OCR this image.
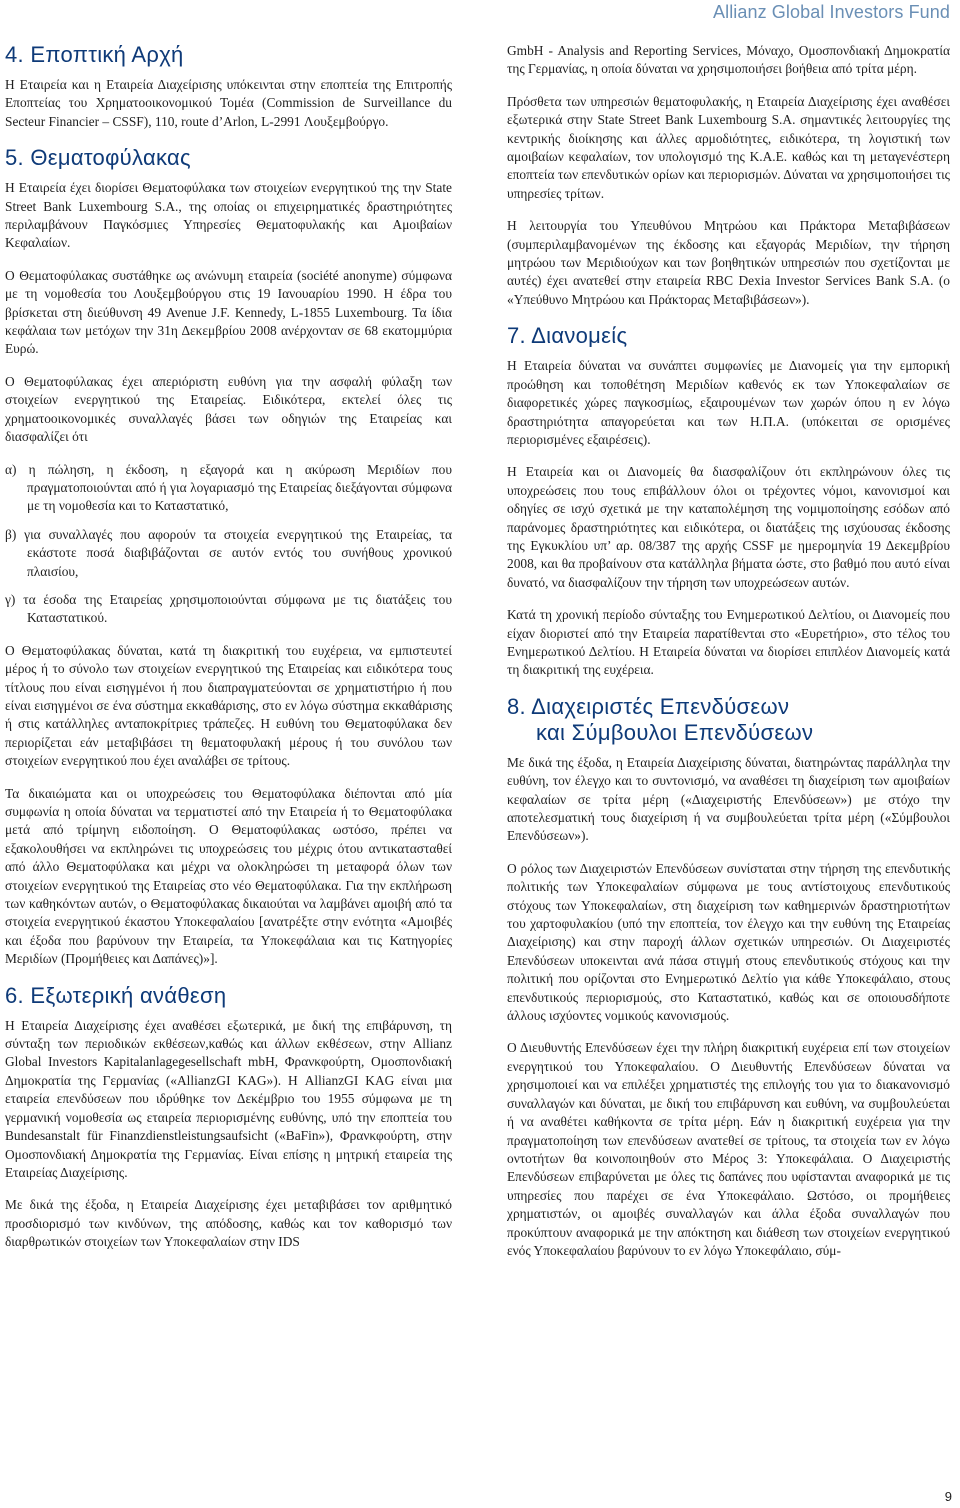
Allianz Global Investors Fund
4. Εποπτική Αρχή

Η Εταιρεία και η Εταιρεία Διαχείρισης υπόκεινται στην εποπτεία της Επιτροπής Εποπτείας του Χρηματοοικονομικού Τομέα (Commission de Surveillance du Secteur Financier – CSSF), 110, route d’Arlon, L-2991 Λουξεμβούργο.

5. Θεματοφύλακας

Η Εταιρεία έχει διορίσει Θεματοφύλακα των στοιχείων ενεργητικού της την State Street Bank Luxembourg S.A., της οποίας οι επιχειρηματικές δραστηριότητες περιλαμβάνουν Παγκόσμιες Υπηρεσίες Θεματοφυλακής και Αμοιβαίων Κεφαλαίων.

Ο Θεματοφύλακας συστάθηκε ως ανώνυμη εταιρεία (société anonyme) σύμφωνα με τη νομοθεσία του Λουξεμβούργου στις 19 Ιανουαρίου 1990. Η έδρα του βρίσκεται στη διεύθυνση 49 Avenue J.F. Kennedy, L-1855 Luxembourg. Τα ίδια κεφάλαια των μετόχων την 31η Δεκεμβρίου 2008 ανέρχονταν σε 68 εκατομμύρια Ευρώ.

Ο Θεματοφύλακας έχει απεριόριστη ευθύνη για την ασφαλή φύλαξη των στοιχείων ενεργητικού της Εταιρείας. Ειδικότερα, εκτελεί όλες τις χρηματοοικονομικές συναλλαγές βάσει των οδηγιών της Εταιρείας και διασφαλίζει ότι

α) η πώληση, η έκδοση, η εξαγορά και η ακύρωση Μεριδίων που πραγματοποιούνται από ή για λογαριασμό της Εταιρείας διεξάγονται σύμφωνα με τη νομοθεσία και το Καταστατικό,
β) για συναλλαγές που αφορούν τα στοιχεία ενεργητικού της Εταιρείας, τα εκάστοτε ποσά διαβιβάζονται σε αυτόν εντός του συνήθους χρονικού πλαισίου,
γ) τα έσοδα της Εταιρείας χρησιμοποιούνται σύμφωνα με τις διατάξεις του Καταστατικού.

Ο Θεματοφύλακας δύναται, κατά τη διακριτική του ευχέρεια, να εμπιστευτεί μέρος ή το σύνολο των στοιχείων ενεργητικού της Εταιρείας και ειδικότερα τους τίτλους που είναι εισηγμένοι ή που διαπραγματεύονται σε χρηματιστήριο ή που είναι εισηγμένοι σε ένα σύστημα εκκαθάρισης, στο εν λόγω σύστημα εκκαθάρισης ή στις κατάλληλες ανταποκρίτριες τράπεζες. Η ευθύνη του Θεματοφύλακα δεν περιορίζεται εάν μεταβιβάσει τη θεματοφυλακή μέρους ή του συνόλου των στοιχείων ενεργητικού που έχει αναλάβει σε τρίτους.

Τα δικαιώματα και οι υποχρεώσεις του Θεματοφύλακα διέπονται από μία συμφωνία η οποία δύναται να τερματιστεί από την Εταιρεία ή το Θεματοφύλακα μετά από τρίμηνη ειδοποίηση. Ο Θεματοφύλακας ωστόσο, πρέπει να εξακολουθήσει να εκπληρώνει τις υποχρεώσεις του μέχρις ότου αντικατασταθεί από άλλο Θεματοφύλακα και μέχρι να ολοκληρώσει τη μεταφορά όλων των στοιχείων ενεργητικού της Εταιρείας στο νέο Θεματοφύλακα. Για την εκπλήρωση των καθηκόντων αυτών, ο Θεματοφύλακας δικαιούται να λαμβάνει αμοιβή από τα στοιχεία ενεργητικού έκαστου Υποκεφαλαίου [ανατρέξτε στην ενότητα «Αμοιβές και έξοδα που βαρύνουν την Εταιρεία, τα Υποκεφάλαια και τις Κατηγορίες Μεριδίων (Προμήθειες και Δαπάνες)»].

6. Εξωτερική ανάθεση

Η Εταιρεία Διαχείρισης έχει αναθέσει εξωτερικά, με δική της επιβάρυνση, τη σύνταξη των περιοδικών εκθέσεων,καθώς και άλλων εκθέσεων, στην Allianz Global Investors Kapitalanlagegesellschaft mbH, Φρανκφούρτη, Ομοσπονδιακή Δημοκρατία της Γερμανίας («AllianzGI KAG»). Η AllianzGI KAG είναι μια εταιρεία επενδύσεων που ιδρύθηκε τον Δεκέμβριο του 1955 σύμφωνα με τη γερμανική νομοθεσία ως εταιρεία περιορισμένης ευθύνης, υπό την εποπτεία του Bundesanstalt für Finanzdienstleistungsaufsicht («BaFin»), Φρανκφούρτη, στην Ομοσπονδιακή Δημοκρατία της Γερμανίας. Είναι επίσης η μητρική εταιρεία της Εταιρείας Διαχείρισης.

Με δικά της έξοδα, η Εταιρεία Διαχείρισης έχει μεταβιβάσει τον αριθμητικό προσδιορισμό των κινδύνων, της απόδοσης, καθώς και τον καθορισμό των διαρθρωτικών στοιχείων των Υποκεφαλαίων στην IDS

GmbH - Analysis and Reporting Services, Μόναχο, Ομοσπονδιακή Δημοκρατία της Γερμανίας, η οποία δύναται να χρησιμοποιήσει βοήθεια από τρίτα μέρη.

Πρόσθετα των υπηρεσιών θεματοφυλακής, η Εταιρεία Διαχείρισης έχει αναθέσει εξωτερικά στην State Street Bank Luxembourg S.A. σημαντικές λειτουργίες της κεντρικής διοίκησης και άλλες αρμοδιότητες, ειδικότερα, τη λογιστική των αμοιβαίων κεφαλαίων, τον υπολογισμό της Κ.Α.Ε. καθώς και τη μεταγενέστερη εποπτεία των επενδυτικών ορίων και περιορισμών. Δύναται να χρησιμοποιήσει τις υπηρεσίες τρίτων.

Η λειτουργία του Υπευθύνου Μητρώου και Πράκτορα Μεταβιβάσεων (συμπεριλαμβανομένων της έκδοσης και εξαγοράς Μεριδίων, την τήρηση μητρώου των Μεριδιούχων και των βοηθητικών υπηρεσιών που σχετίζονται με αυτές) έχει ανατεθεί στην εταιρεία RBC Dexia Investor Services Bank S.A. (ο «Υπεύθυνο Μητρώου και Πράκτορας Μεταβιβάσεων»).

7. Διανομείς

Η Εταιρεία δύναται να συνάπτει συμφωνίες με Διανομείς για την εμπορική προώθηση και τοποθέτηση Μεριδίων καθενός εκ των Υποκεφαλαίων σε διαφορετικές χώρες παγκοσμίως, εξαιρουμένων των χωρών όπου η εν λόγω δραστηριότητα απαγορεύεται και των Η.Π.Α. (υπόκειται σε ορισμένες περιορισμένες εξαιρέσεις).

Η Εταιρεία και οι Διανομείς θα διασφαλίζουν ότι εκπληρώνουν όλες τις υποχρεώσεις που τους επιβάλλουν όλοι οι τρέχοντες νόμοι, κανονισμοί και οδηγίες σε ισχύ σχετικά με την καταπολέμηση της νομιμοποίησης εσόδων από παράνομες δραστηριότητες και ειδικότερα, οι διατάξεις της ισχύουσας έκδοσης της Εγκυκλίου υπ’ αρ. 08/387 της αρχής CSSF με ημερομηνία 19 Δεκεμβρίου 2008, και θα προβαίνουν στα κατάλληλα βήματα ώστε, στο βαθμό που αυτό είναι δυνατό, να διασφαλίζουν την τήρηση των υποχρεώσεων αυτών.

Κατά τη χρονική περίοδο σύνταξης του Ενημερωτικού Δελτίου, οι Διανομείς που είχαν διοριστεί από την Εταιρεία παρατίθενται στο «Ευρετήριο», στο τέλος του Ενημερωτικού Δελτίου. Η Εταιρεία δύναται να διορίσει επιπλέον Διανομείς κατά τη διακριτική της ευχέρεια.

8. Διαχειριστές Επενδύσεων
και Σύμβουλοι Επενδύσεων

Με δικά της έξοδα, η Εταιρεία Διαχείρισης δύναται, διατηρώντας παράλληλα την ευθύνη, τον έλεγχο και το συντονισμό, να αναθέσει τη διαχείριση των αμοιβαίων κεφαλαίων σε τρίτα μέρη («Διαχειριστής Επενδύσεων») με στόχο την αποτελεσματική τους διαχείριση ή να συμβουλεύεται τρίτα μέρη («Σύμβουλοι Επενδύσεων»).

Ο ρόλος των Διαχειριστών Επενδύσεων συνίσταται στην τήρηση της επενδυτικής πολιτικής των Υποκεφαλαίων σύμφωνα με τους αντίστοιχους επενδυτικούς στόχους των Υποκεφαλαίων, στη διαχείριση των καθημερινών δραστηριοτήτων του χαρτοφυλακίου (υπό την εποπτεία, τον έλεγχο και την ευθύνη της Εταιρείας Διαχείρισης) και στην παροχή άλλων σχετικών υπηρεσιών. Οι Διαχειριστές Επενδύσεων υποκεινται ανά πάσα στιγμή στους επενδυτικούς στόχους και την πολιτική που ορίζονται στο Ενημερωτικό Δελτίο για κάθε Υποκεφάλαιο, στους επενδυτικούς περιορισμούς, στο Καταστατικό, καθώς και σε οποιουσδήποτε άλλους ισχύοντες νομικούς κανονισμούς.

Ο Διευθυντής Επενδύσεων έχει την πλήρη διακριτική ευχέρεια επί των στοιχείων ενεργητικού του Υποκεφαλαίου. Ο Διευθυντής Επενδύσεων δύναται να χρησιμοποιεί και να επιλέξει χρηματιστές της επιλογής του για το διακανονισμό συναλλαγών και δύναται, με δική του επιβάρυνση και ευθύνη, να συμβουλεύεται ή να αναθέτει καθήκοντα σε τρίτα μέρη. Εάν η διακριτική ευχέρεια για την πραγματοποίηση των επενδύσεων ανατεθεί σε τρίτους, τα στοιχεία των εν λόγω οντοτήτων θα κοινοποιηθούν στο Μέρος 3: Υποκεφάλαια. Ο Διαχειριστής Επενδύσεων επιβαρύνεται με όλες τις δαπάνες που υφίστανται αναφορικά με τις υπηρεσίες που παρέχει σε ένα Υποκεφάλαιο. Ωστόσο, οι προμήθειες χρηματιστών, οι αμοιβές συναλλαγών και άλλα έξοδα συναλλαγών που προκύπτουν αναφορικά με την απόκτηση και διάθεση των στοιχείων ενεργητικού ενός Υποκεφαλαίου βαρύνουν το εν λόγω Υποκεφάλαιο, σύμ-

9
